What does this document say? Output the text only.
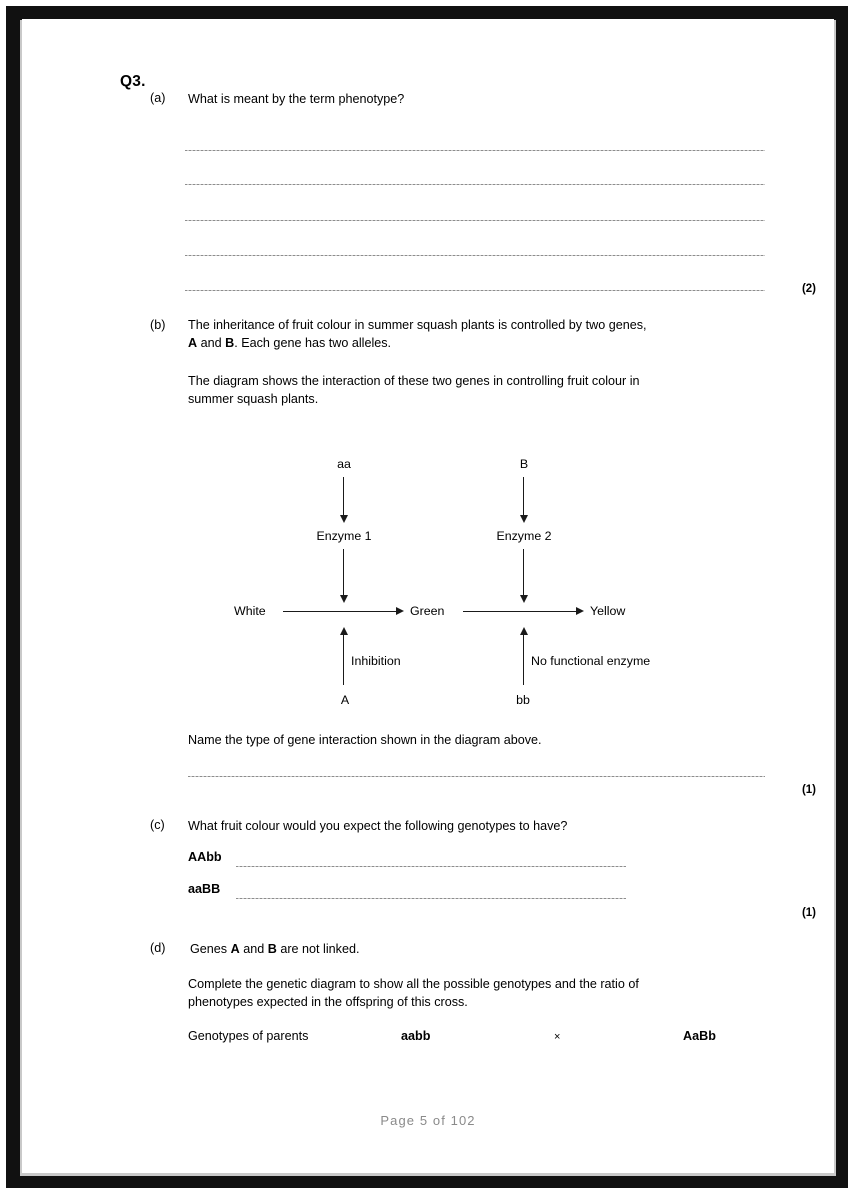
Q3.
(a) What is meant by the term phenotype?
(2)
(b) The inheritance of fruit colour in summer squash plants is controlled by two genes,
A and B. Each gene has two alleles.
The diagram shows the interaction of these two genes in controlling fruit colour in
summer squash plants.
aa	B
Enzyme 1	Enzyme 2
White	Green	Yellow
Inhibition	No functional enzyme
A	bb
Name the type of gene interaction shown in the diagram above.
(1)
(c) What fruit colour would you expect the following genotypes to have?
AAbb
aaBB
(1)
(d) Genes A and B are not linked.
Complete the genetic diagram to show all the possible genotypes and the ratio of
phenotypes expected in the offspring of this cross.
Genotypes of parents	aabb	×	AaBb
Page 5 of 102
